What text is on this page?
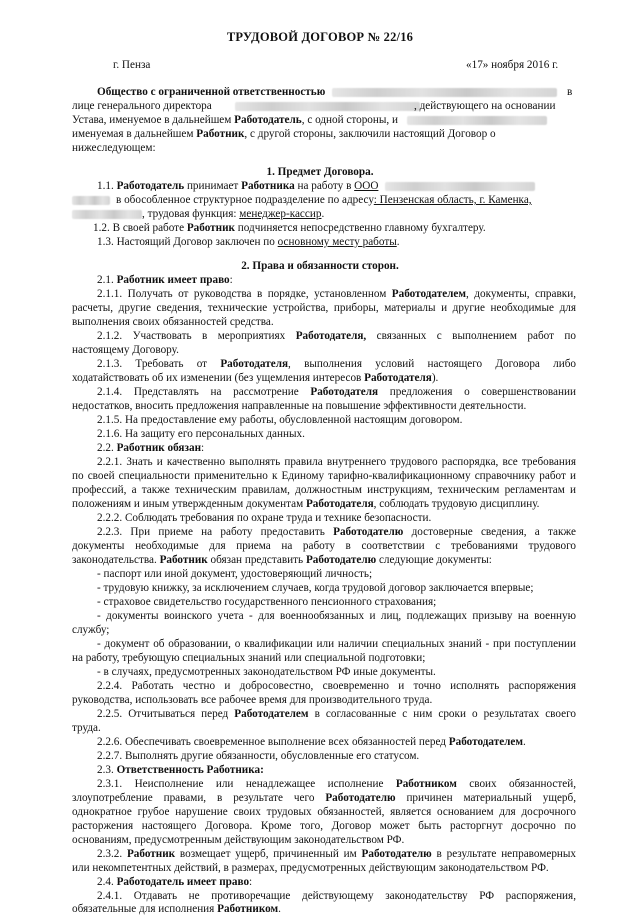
ТРУДОВОЙ ДОГОВОР № 22/16
г. Пенза	«17» ноября 2016 г.
Общество с ограниченной ответственностью	в
лице генерального директора	, действующего на основании
Устава, именуемое в дальнейшем Работодатель, с одной стороны, и
именуемая в дальнейшем Работник, с другой стороны, заключили настоящий Договор о
нижеследующем:
1. Предмет Договора.
1.1. Работодатель принимает Работника на работу в ООО
в обособленное структурное подразделение по адресу: Пензенская область, г. Каменка,
, трудовая функция: менеджер-кассир.
1.2. В своей работе Работник подчиняется непосредственно главному бухгалтеру.
1.3. Настоящий Договор заключен по основному месту работы.
2. Права и обязанности сторон.
2.1. Работник имеет право:
2.1.1. Получать от руководства в порядке, установленном Работодателем, документы, справки,
расчеты, другие сведения, технические устройства, приборы, материалы и другие необходимые для
выполнения своих обязанностей средства.
2.1.2. Участвовать в мероприятиях Работодателя, связанных с выполнением работ по
настоящему Договору.
2.1.3. Требовать от Работодателя, выполнения условий настоящего Договора либо
ходатайствовать об их изменении (без ущемления интересов Работодателя).
2.1.4. Представлять на рассмотрение Работодателя предложения о совершенствовании
недостатков, вносить предложения направленные на повышение эффективности деятельности.
2.1.5. На предоставление ему работы, обусловленной настоящим договором.
2.1.6. На защиту его персональных данных.
2.2. Работник обязан:
2.2.1. Знать и качественно выполнять правила внутреннего трудового распорядка, все требования
по своей специальности применительно к Единому тарифно-квалификационному справочнику работ и
профессий, а также техническим правилам, должностным инструкциям, техническим регламентам и
положениям и иным утвержденным документам Работодателя, соблюдать трудовую дисциплину.
2.2.2. Соблюдать требования по охране труда и технике безопасности.
2.2.3. При приеме на работу предоставить Работодателю достоверные сведения, а также
документы необходимые для приема на работу в соответствии с требованиями трудового
законодательства. Работник обязан представить Работодателю следующие документы:
- паспорт или иной документ, удостоверяющий личность;
- трудовую книжку, за исключением случаев, когда трудовой договор заключается впервые;
- страховое свидетельство государственного пенсионного страхования;
- документы воинского учета - для военнообязанных и лиц, подлежащих призыву на военную
службу;
- документ об образовании, о квалификации или наличии специальных знаний - при поступлении
на работу, требующую специальных знаний или специальной подготовки;
- в случаях, предусмотренных законодательством РФ иные документы.
2.2.4. Работать честно и добросовестно, своевременно и точно исполнять распоряжения
руководства, использовать все рабочее время для производительного труда.
2.2.5. Отчитываться перед Работодателем в согласованные с ним сроки о результатах своего
труда.
2.2.6. Обеспечивать своевременное выполнение всех обязанностей перед Работодателем.
2.2.7. Выполнять другие обязанности, обусловленные его статусом.
2.3. Ответственность Работника:
2.3.1. Неисполнение или ненадлежащее исполнение Работником своих обязанностей,
злоупотребление правами, в результате чего Работодателю причинен материальный ущерб,
однократное грубое нарушение своих трудовых обязанностей, является основанием для досрочного
расторжения настоящего Договора. Кроме того, Договор может быть расторгнут досрочно по
основаниям, предусмотренным действующим законодательством РФ.
2.3.2. Работник возмещает ущерб, причиненный им Работодателю в результате неправомерных
или некомпетентных действий, в размерах, предусмотренных действующим законодательством РФ.
2.4. Работодатель имеет право:
2.4.1. Отдавать не противоречащие действующему законодательству РФ распоряжения,
обязательные для исполнения Работником.
